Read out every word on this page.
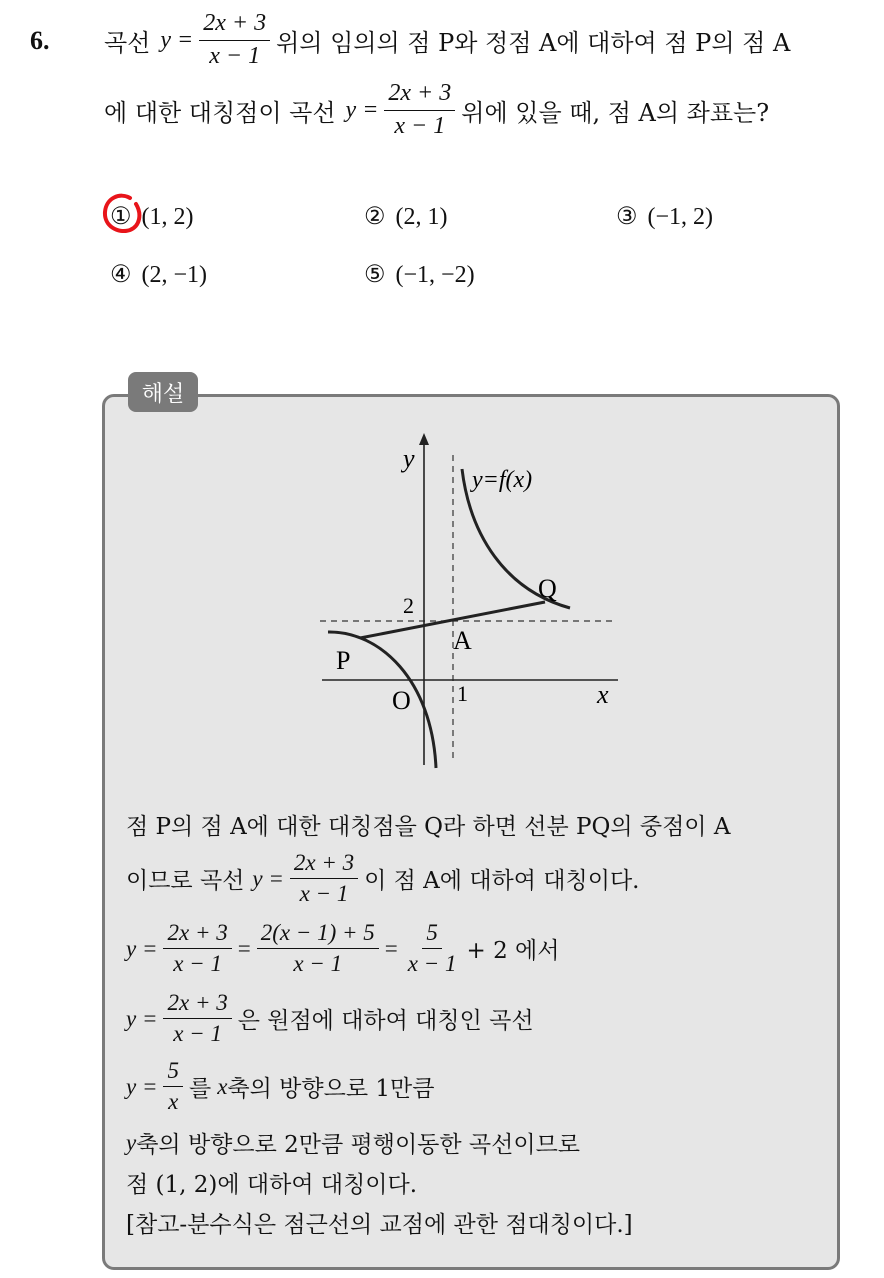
6. 곡선 $y = \frac{2x + 3}{x - 1}$ 위의 임의의 점 P와 정점 A에 대하여 점 P의 점 A
에 대한 대칭점이 곡선 $y = \frac{2x + 3}{x - 1}$ 위에 있을 때, 점 A의 좌표는?
① (1, 2)	② (2, 1)	③ (−1, 2)
④ (2, −1)	⑤ (−1, −2)
해설
y
y=f(x)
Q
2
A
P
O 1	x
점 P의 점 A에 대한 대칭점을 Q라 하면 선분 PQ의 중점이 A
이므로 곡선 $y = \frac{2x + 3}{x - 1}$ 이 점 A에 대하여 대칭이다.
$y = \frac{2x + 3}{x - 1} = \frac{2(x - 1) + 5}{x - 1} = \frac{5}{x - 1} + 2$ 에서
$y = \frac{2x + 3}{x - 1}$ 은 원점에 대하여 대칭인 곡선
$y = \frac{5}{x}$ 를 x 축의 방향으로 1만큼
y 축의 방향으로 2만큼 평행이동한 곡선이므로
점 (1, 2)에 대하여 대칭이다.
[참고-분수식은 점근선의 교점에 관한 점대칭이다.]
